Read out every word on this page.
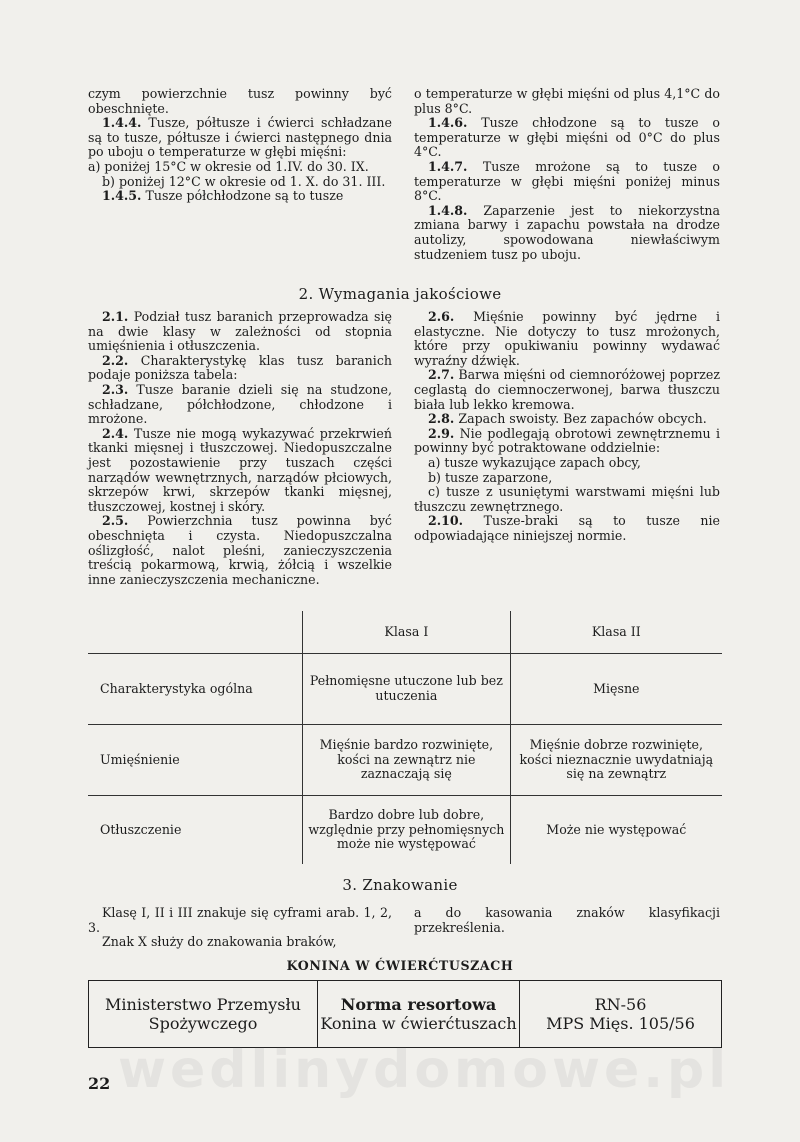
czym powierzchnie tusz powinny być obeschnięte.

1.4.4. Tusze, półtusze i ćwierci schładzane są to tusze, półtusze i ćwierci następnego dnia po uboju o temperaturze w głębi mięśni:

a) poniżej 15°C w okresie od 1.IV. do 30. IX.

b) poniżej 12°C w okresie od 1. X. do 31. III.

1.4.5. Tusze półchłodzone są to tusze

o temperaturze w głębi mięśni od plus 4,1°C do plus 8°C.

1.4.6. Tusze chłodzone są to tusze o temperaturze w głębi mięśni od 0°C do plus 4°C.

1.4.7. Tusze mrożone są to tusze o temperaturze w głębi mięśni poniżej minus 8°C.

1.4.8. Zaparzenie jest to niekorzystna zmiana barwy i zapachu powstała na drodze autolizy, spowodowana niewłaściwym studzeniem tusz po uboju.

2. Wymagania jakościowe

2.1. Podział tusz baranich przeprowadza się na dwie klasy w zależności od stopnia umięśnienia i otłuszczenia.

2.2. Charakterystykę klas tusz baranich podaje poniższa tabela:

2.3. Tusze baranie dzieli się na studzone, schładzane, półchłodzone, chłodzone i mrożone.

2.4. Tusze nie mogą wykazywać przekrwień tkanki mięsnej i tłuszczowej. Niedopuszczalne jest pozostawienie przy tuszach części narządów wewnętrznych, narządów płciowych, skrzepów krwi, skrzepów tkanki mięsnej, tłuszczowej, kostnej i skóry.

2.5. Powierzchnia tusz powinna być obeschnięta i czysta. Niedopuszczalna oślizgłość, nalot pleśni, zanieczyszczenia treścią pokarmową, krwią, żółcią i wszelkie inne zanieczyszczenia mechaniczne.

2.6. Mięśnie powinny być jędrne i elastyczne. Nie dotyczy to tusz mrożonych, które przy opukiwaniu powinny wydawać wyraźny dźwięk.

2.7. Barwa mięśni od ciemnoróżowej poprzez ceglastą do ciemnoczerwonej, barwa tłuszczu biała lub lekko kremowa.

2.8. Zapach swoisty. Bez zapachów obcych.

2.9. Nie podlegają obrotowi zewnętrznemu i powinny być potraktowane oddzielnie:

a) tusze wykazujące zapach obcy,

b) tusze zaparzone,

c) tusze z usuniętymi warstwami mięśni lub tłuszczu zewnętrznego.

2.10. Tusze-braki są to tusze nie odpowiadające niniejszej normie.

	Klasa I	Klasa II
Charakterystyka ogólna	Pełnomięsne utuczone lub bez utuczenia	Mięsne
Umięśnienie	Mięśnie bardzo rozwinięte, kości na zewnątrz nie zaznaczają się	Mięśnie dobrze rozwinięte, kości nieznacznie uwydatniają się na zewnątrz
Otłuszczenie	Bardzo dobre lub dobre, względnie przy pełnomięsnych może nie występować	Może nie występować
3. Znakowanie

Klasę I, II i III znakuje się cyframi arab. 1, 2, 3.

Znak X służy do znakowania braków,

a do kasowania znaków klasyfikacji przekreślenia.

KONINA W ĆWIERĆTUSZACH
Ministerstwo Przemysłu
Spożywczego
Norma resortowa
Konina w ćwierćtuszach
RN-56
MPS Mięs. 105/56
wedlinydomowe.pl
22
